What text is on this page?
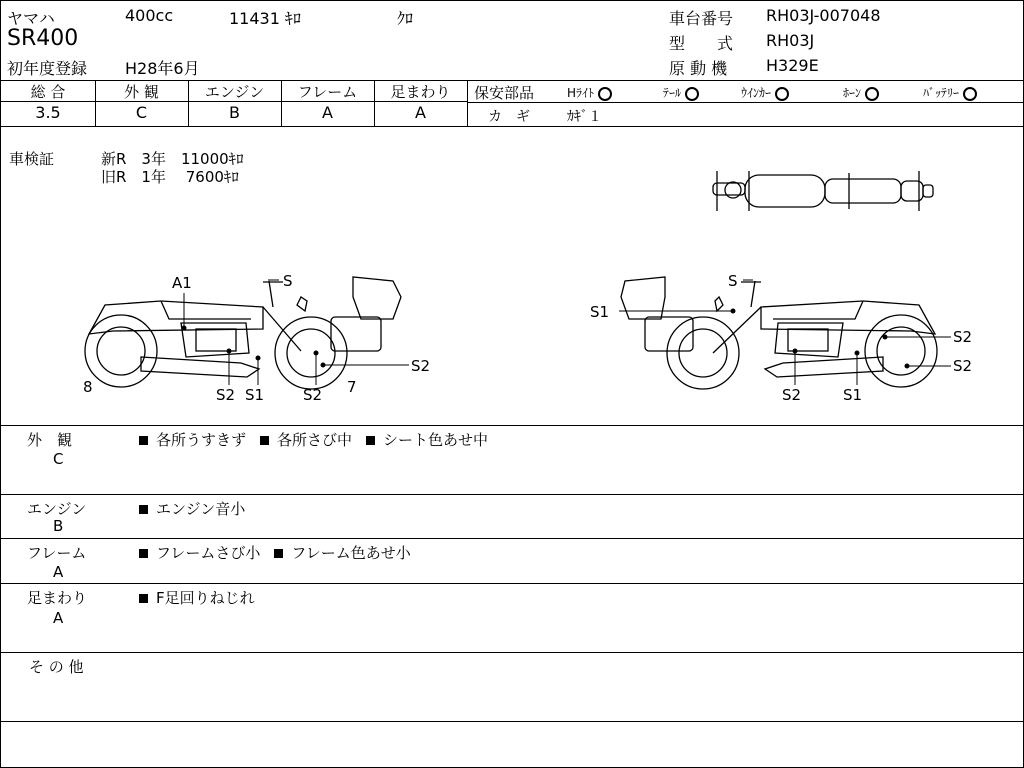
ヤマハ	400cc	11431 ｷﾛ	ｸﾛ
SR400
初年度登録 H28年6月
車台番号 RH03J-007048
型　　式 RH03J
原 動 機 H329E
総 合	外 観	エンジン	フレーム	足まわり
3.5	C	B	A	A
保安部品	Hﾗｲﾄ	ﾃｰﾙ	ｳｲﾝｶｰ	ﾎｰﾝ	ﾊﾞｯﾃﾘｰ
カ　ギ	ｶｷﾞ１
車検証	新R　3年　11000ｷﾛ
旧R　1年　 7600ｷﾛ
A1	S
S2	S2
S1
S2
8	7
S
S1
S2
S2
S2
S1
外　観
C
各所うすきず 各所さび中 シート色あせ中
エンジン
B
エンジン音小
フレーム
A
フレームさび小 フレーム色あせ小
足まわり
A
F足回りねじれ
そ の 他
